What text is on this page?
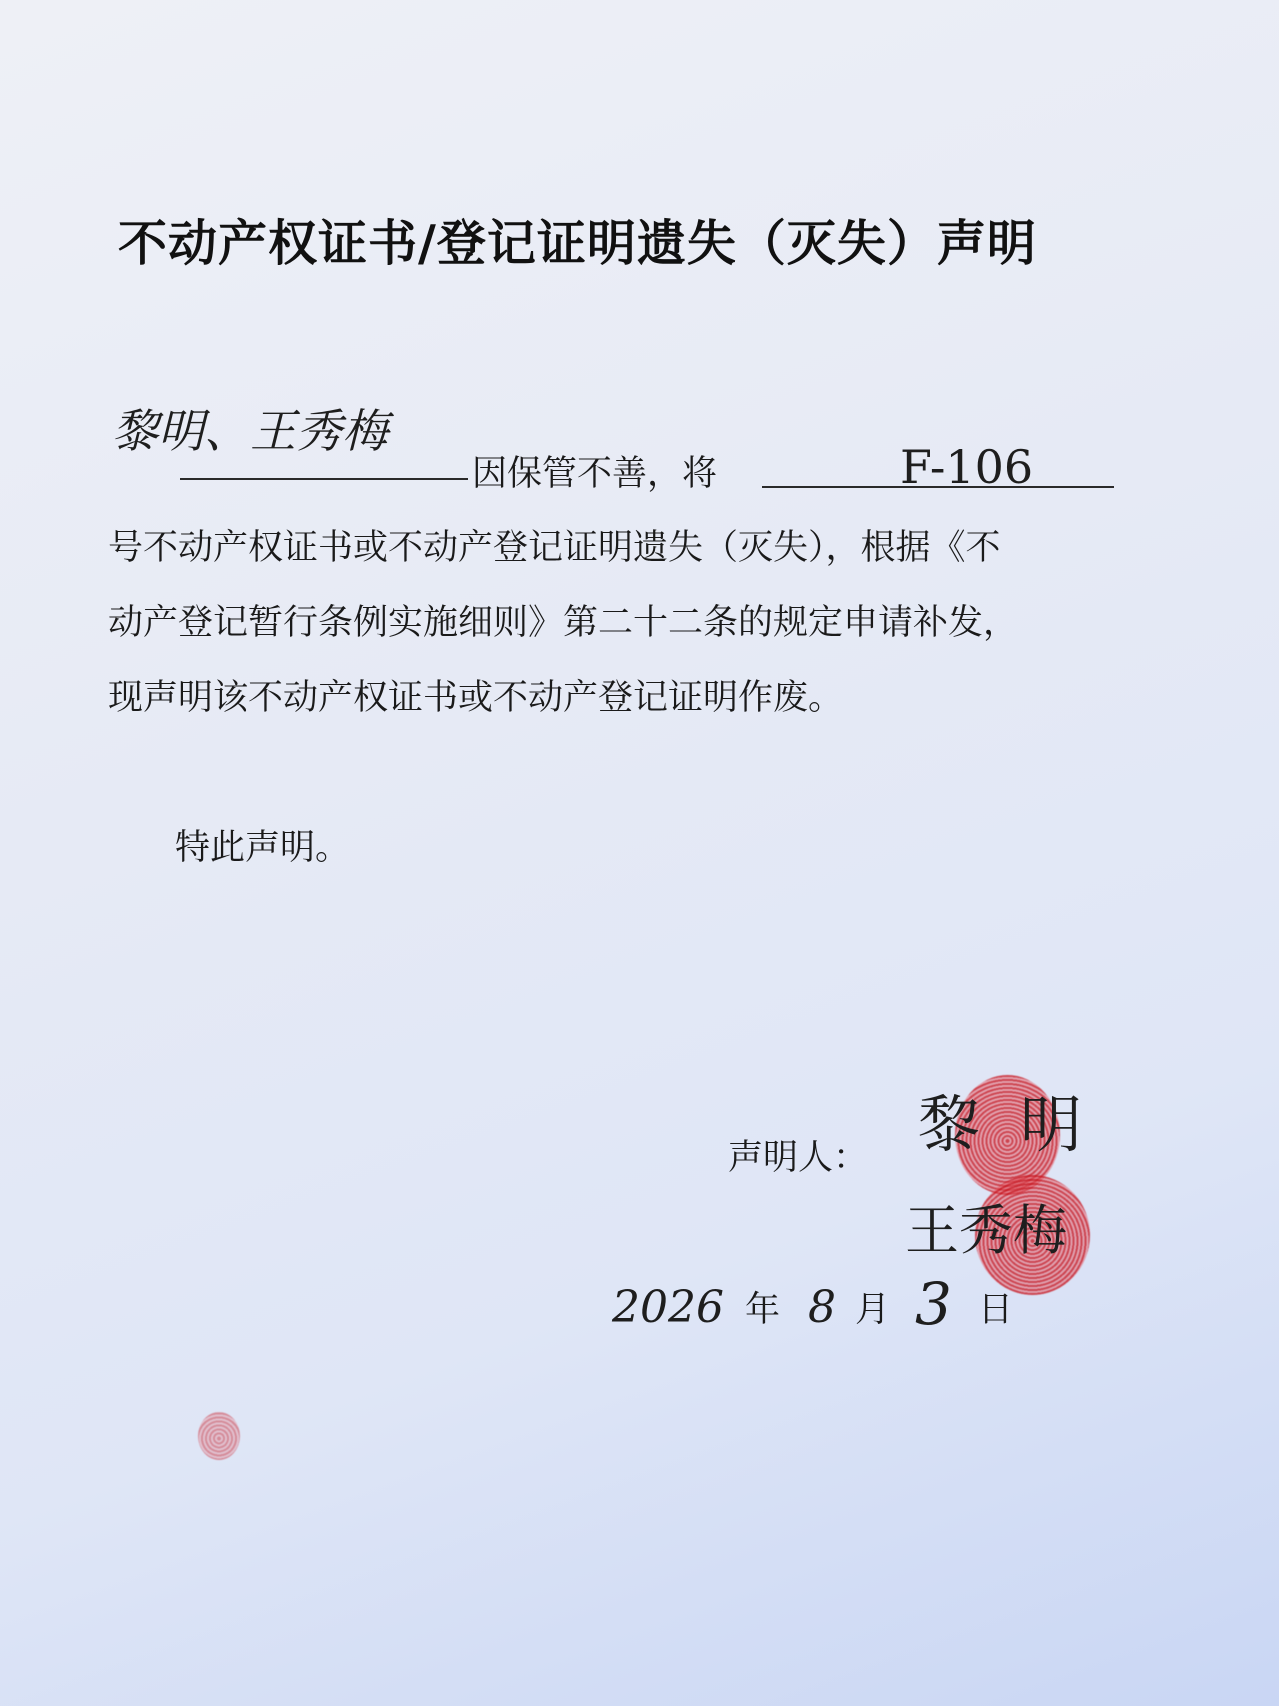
不动产权证书/登记证明遗失（灭失）声明
黎明、王秀梅
因保管不善，将	F-106
号不动产权证书或不动产登记证明遗失（灭失），根据《不
动产登记暂行条例实施细则》第二十二条的规定申请补发，
现声明该不动产权证书或不动产登记证明作废。
特此声明。
声明人： 黎明
王秀梅
2026 年 8 月 3 日
